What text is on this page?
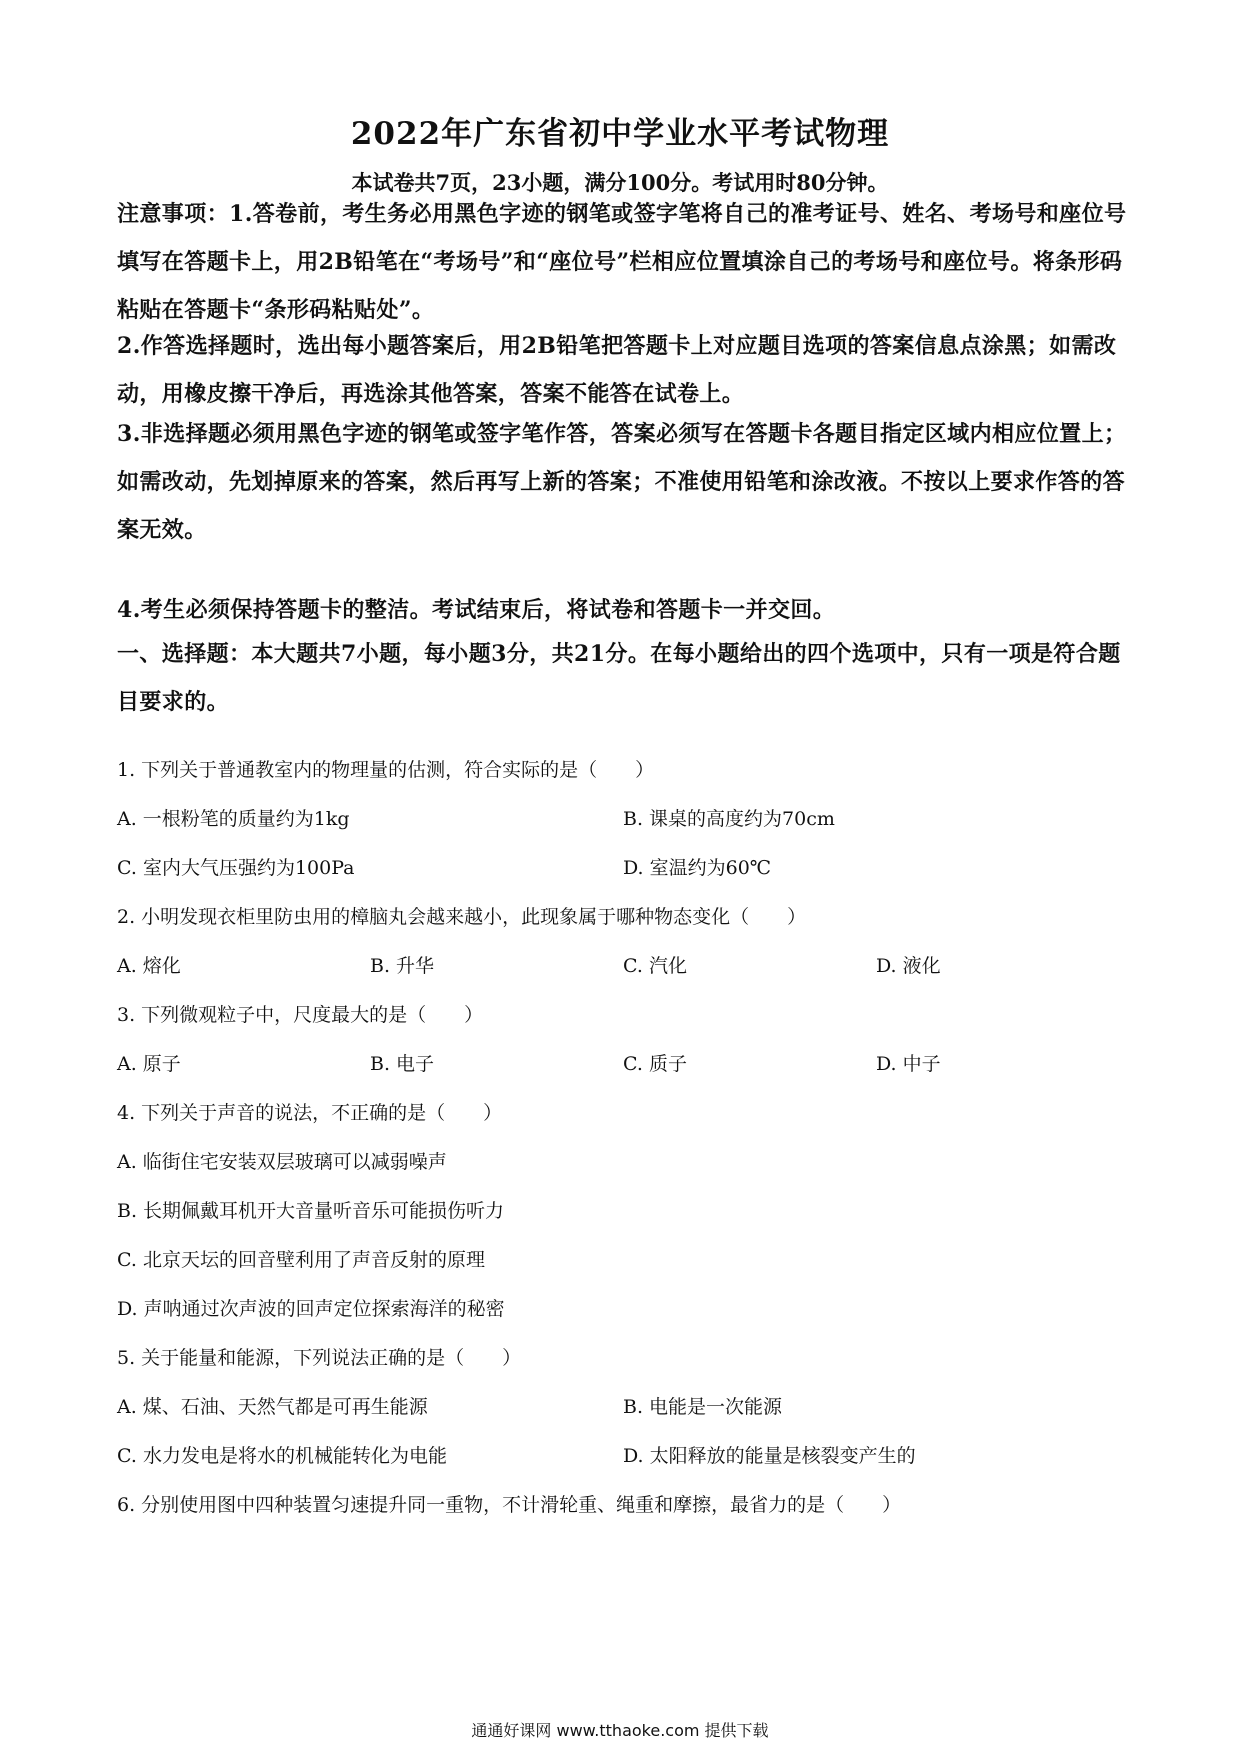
2022年广东省初中学业水平考试物理
本试卷共7页，23小题，满分100分。考试用时80分钟。
注意事项：1.答卷前，考生务必用黑色字迹的钢笔或签字笔将自己的准考证号、姓名、考场号和座位号填写在答题卡上，用2B铅笔在“考场号”和“座位号”栏相应位置填涂自己的考场号和座位号。将条形码粘贴在答题卡“条形码粘贴处”。
2.作答选择题时，选出每小题答案后，用2B铅笔把答题卡上对应题目选项的答案信息点涂黑；如需改动，用橡皮擦干净后，再选涂其他答案，答案不能答在试卷上。
3.非选择题必须用黑色字迹的钢笔或签字笔作答，答案必须写在答题卡各题目指定区域内相应位置上；如需改动，先划掉原来的答案，然后再写上新的答案；不准使用铅笔和涂改液。不按以上要求作答的答案无效。
4.考生必须保持答题卡的整洁。考试结束后，将试卷和答题卡一并交回。
一、选择题：本大题共7小题，每小题3分，共21分。在每小题给出的四个选项中，只有一项是符合题目要求的。
1. 下列关于普通教室内的物理量的估测，符合实际的是（　　）
A. 一根粉笔的质量约为1kg	B. 课桌的高度约为70cm
C. 室内大气压强约为100Pa	D. 室温约为60℃
2. 小明发现衣柜里防虫用的樟脑丸会越来越小，此现象属于哪种物态变化（　　）
A. 熔化	B. 升华	C. 汽化	D. 液化
3. 下列微观粒子中，尺度最大的是（　　）
A. 原子	B. 电子	C. 质子	D. 中子
4. 下列关于声音的说法，不正确的是（　　）
A. 临街住宅安装双层玻璃可以减弱噪声
B. 长期佩戴耳机开大音量听音乐可能损伤听力
C. 北京天坛的回音壁利用了声音反射的原理
D. 声呐通过次声波的回声定位探索海洋的秘密
5. 关于能量和能源，下列说法正确的是（　　）
A. 煤、石油、天然气都是可再生能源	B. 电能是一次能源
C. 水力发电是将水的机械能转化为电能	D. 太阳释放的能量是核裂变产生的
6. 分别使用图中四种装置匀速提升同一重物，不计滑轮重、绳重和摩擦，最省力的是（　　）
通通好课网 www.tthaoke.com 提供下载
